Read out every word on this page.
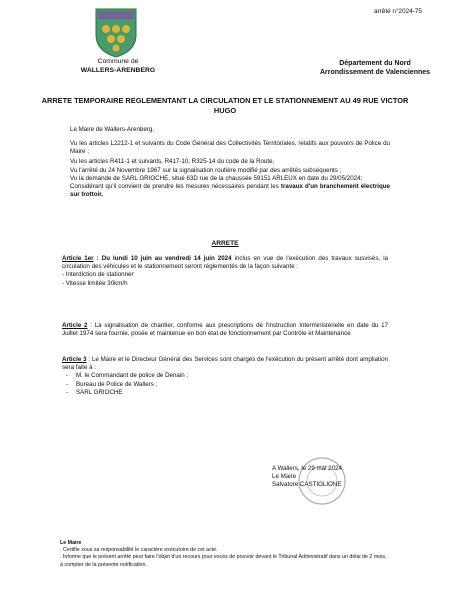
arrêté n°2024-75
Commune de
WALLERS-ARENBERG
Département du Nord
Arrondissement de Valenciennes
ARRETE TEMPORAIRE REGLEMENTANT LA CIRCULATION ET LE STATIONNEMENT AU 49 RUE VICTOR HUGO
Le Maire de Wallers-Arenberg,

Vu les articles L2212-1 et suivants du Code Général des Collectivités Territoriales, relatifs aux pouvoirs de Police du Maire ;

Vu les articles R411-1 et suivants, R417-10, R325-14 du code de la Route,

Vu l'arrêté du 24 Novembre 1967 sur la signalisation routière modifié par des arrêtés subséquents ;

Vu la demande de SARL GRIOCHE, situé 63D rue de la chaussée 59151 ARLEUX en date du 29/05/2024;

Considérant qu'il convient de prendre les mesures nécessaires pendant les travaux d'un branchement électrique sur trottoir.

ARRETE

Article 1er : Du lundi 10 juin au vendredi 14 juin 2024 inclus en vue de l'exécution des travaux susvisés, la circulation des véhicules et le stationnement seront réglementés de la façon suivante :

- Interdiction de stationner
- Vitesse limitée 30km/h

Article 2 : La signalisation de chantier, conforme aux prescriptions de l'instruction Interministérielle en date du 17 Juillet 1974 sera fournie, posée et maintenue en bon état de fonctionnement par Contrôle et Maintenance

Article 3 : Le Maire et le Directeur Général des Services sont chargés de l'exécution du présent arrêté dont ampliation sera faite à :

- M. le Commandant de police de Denain ;
- Bureau de Police de Wallers ;
- SARL GRIOCHE
A Wallers, le 29 mai 2024
Le Maire
Salvatore CASTIGLIONE
Le Maire
. Certifie sous sa responsabilité le caractère exécutoire de cet acte.
. Informe que le présent arrêté peut faire l'objet d'un recours pour excès de pouvoir devant le Tribunal Administratif dans un délai de 2 mois, à compter de la présente notification.
